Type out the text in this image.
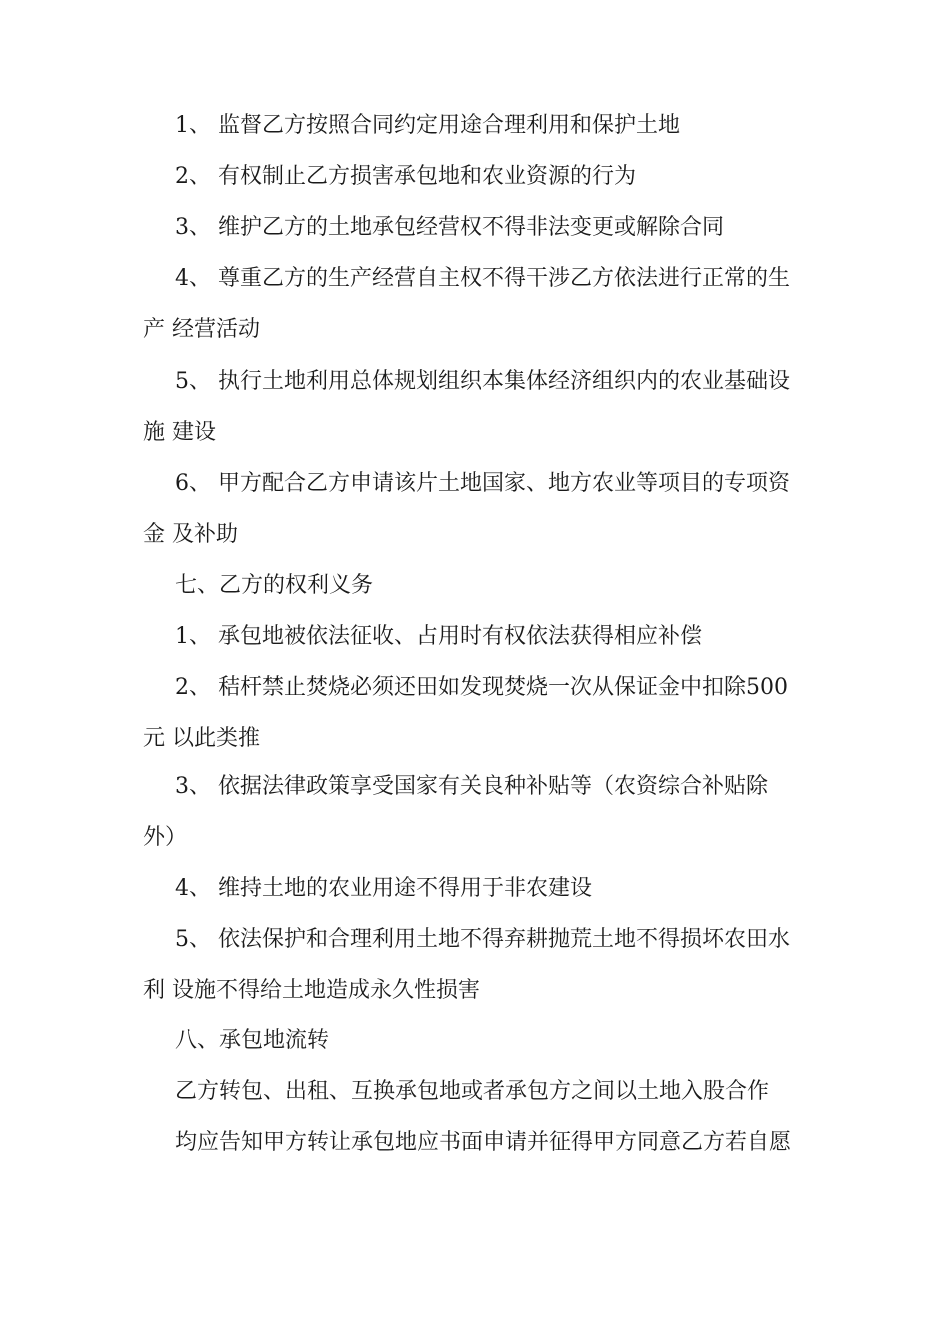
1、 监督乙方按照合同约定用途合理利用和保护土地
2、 有权制止乙方损害承包地和农业资源的行为
3、 维护乙方的土地承包经营权不得非法变更或解除合同
4、 尊重乙方的生产经营自主权不得干涉乙方依法进行正常的生
产 经营活动
5、 执行土地利用总体规划组织本集体经济组织内的农业基础设
施 建设
6、 甲方配合乙方申请该片土地国家、地方农业等项目的专项资
金 及补助
七、乙方的权利义务
1、 承包地被依法征收、占用时有权依法获得相应补偿
2、 秸杆禁止焚烧必须还田如发现焚烧一次从保证金中扣除500
元 以此类推
3、 依据法律政策享受国家有关良种补贴等（农资综合补贴除
外）
4、 维持土地的农业用途不得用于非农建设
5、 依法保护和合理利用土地不得弃耕抛荒土地不得损坏农田水
利 设施不得给土地造成永久性损害
八、承包地流转
乙方转包、出租、互换承包地或者承包方之间以土地入股合作
均应告知甲方转让承包地应书面申请并征得甲方同意乙方若自愿
